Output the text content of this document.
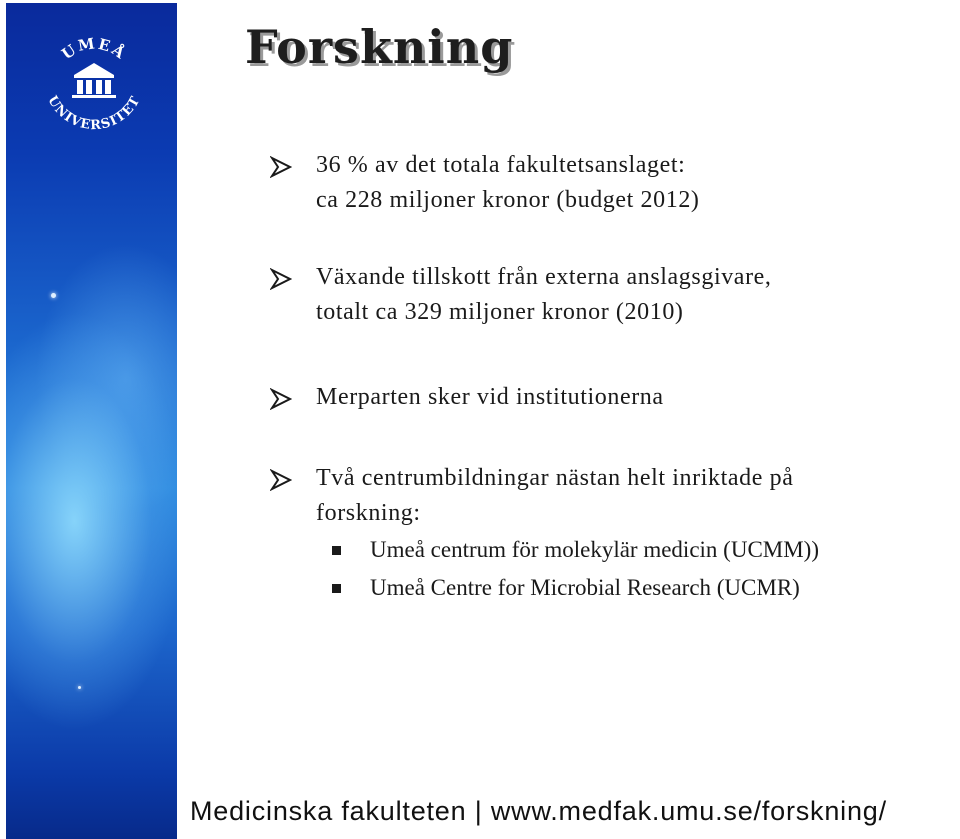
UMEÅ
UNIVERSITET
Forskning
36 % av det totala fakultetsanslaget:
ca 228 miljoner kronor (budget 2012)
Växande tillskott från externa anslagsgivare,
totalt ca 329 miljoner kronor (2010)
Merparten sker vid institutionerna
Två centrumbildningar nästan helt inriktade på
forskning:
Umeå centrum för molekylär medicin (UCMM))
Umeå Centre for Microbial Research (UCMR)

Medicinska fakulteten | www.medfak.umu.se/forskning/
